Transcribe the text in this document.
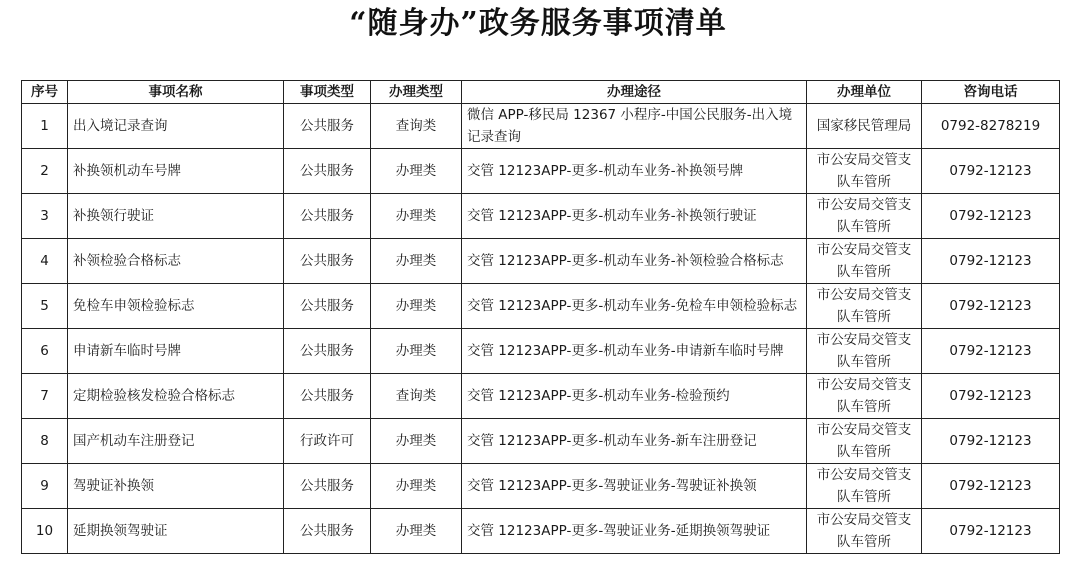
“随身办”政务服务事项清单
序号	事项名称	事项类型	办理类型	办理途径	办理单位	咨询电话
1	出入境记录查询	公共服务	查询类	微信 APP-移民局 12367 小程序-中国公民服务-出入境记录查询	国家移民管理局	0792-8278219
2	补换领机动车号牌	公共服务	办理类	交管 12123APP-更多-机动车业务-补换领号牌	市公安局交管支队车管所	0792-12123
3	补换领行驶证	公共服务	办理类	交管 12123APP-更多-机动车业务-补换领行驶证	市公安局交管支队车管所	0792-12123
4	补领检验合格标志	公共服务	办理类	交管 12123APP-更多-机动车业务-补领检验合格标志	市公安局交管支队车管所	0792-12123
5	免检车申领检验标志	公共服务	办理类	交管 12123APP-更多-机动车业务-免检车申领检验标志	市公安局交管支队车管所	0792-12123
6	申请新车临时号牌	公共服务	办理类	交管 12123APP-更多-机动车业务-申请新车临时号牌	市公安局交管支队车管所	0792-12123
7	定期检验核发检验合格标志	公共服务	查询类	交管 12123APP-更多-机动车业务-检验预约	市公安局交管支队车管所	0792-12123
8	国产机动车注册登记	行政许可	办理类	交管 12123APP-更多-机动车业务-新车注册登记	市公安局交管支队车管所	0792-12123
9	驾驶证补换领	公共服务	办理类	交管 12123APP-更多-驾驶证业务-驾驶证补换领	市公安局交管支队车管所	0792-12123
10	延期换领驾驶证	公共服务	办理类	交管 12123APP-更多-驾驶证业务-延期换领驾驶证	市公安局交管支队车管所	0792-12123
